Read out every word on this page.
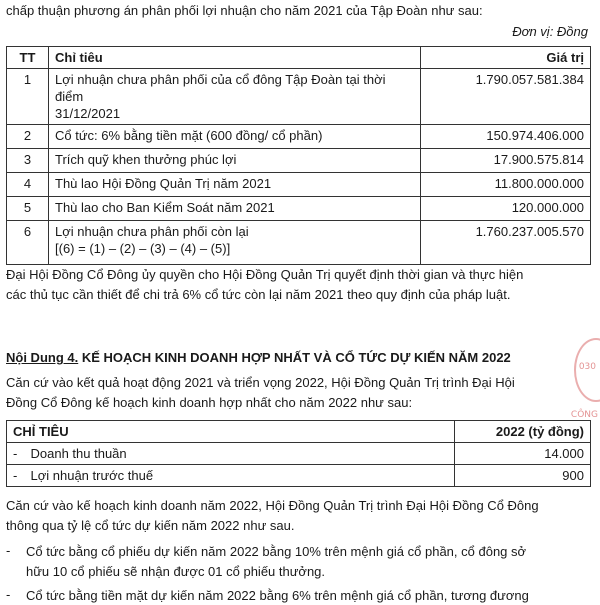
chấp thuận phương án phân phối lợi nhuận cho năm 2021 của Tập Đoàn như sau:
Đơn vị: Đồng
TT	Chỉ tiêu	Giá trị
1	Lợi nhuận chưa phân phối của cổ đông Tập Đoàn tại thời điểm
31/12/2021	1.790.057.581.384
2	Cổ tức: 6% bằng tiền mặt (600 đồng/ cổ phần)	150.974.406.000
3	Trích quỹ khen thưởng phúc lợi	17.900.575.814
4	Thù lao Hội Đồng Quản Trị năm 2021	11.800.000.000
5	Thù lao cho Ban Kiểm Soát năm 2021	120.000.000
6	Lợi nhuận chưa phân phối còn lại
[(6) = (1) – (2) – (3) – (4) – (5)]	1.760.237.005.570
Đại Hội Đồng Cổ Đông ủy quyền cho Hội Đồng Quản Trị quyết định thời gian và thực hiện
các thủ tục cần thiết để chi trả 6% cổ tức còn lại năm 2021 theo quy định của pháp luật.
Nội Dung 4. KẾ HOẠCH KINH DOANH HỢP NHẤT VÀ CỔ TỨC DỰ KIẾN NĂM 2022
Căn cứ vào kết quả hoạt động 2021 và triển vọng 2022, Hội Đồng Quản Trị trình Đại Hội
Đồng Cổ Đông kế hoạch kinh doanh hợp nhất cho năm 2022 như sau:
CHỈ TIÊU		2022 (tỷ đồng)
-	Doanh thu thuần	14.000
-	Lợi nhuận trước thuế	900
Căn cứ vào kế hoạch kinh doanh năm 2022, Hội Đồng Quản Trị trình Đại Hội Đồng Cổ Đông
thông qua tỷ lệ cổ tức dự kiến năm 2022 như sau.
- Cổ tức bằng cổ phiếu dự kiến năm 2022 bằng 10% trên mệnh giá cổ phần, cổ đông sở
hữu 10 cổ phiếu sẽ nhận được 01 cổ phiếu thưởng.
- Cổ tức bằng tiền mặt dự kiến năm 2022 bằng 6% trên mệnh giá cổ phần, tương đương
030
CÔNG
